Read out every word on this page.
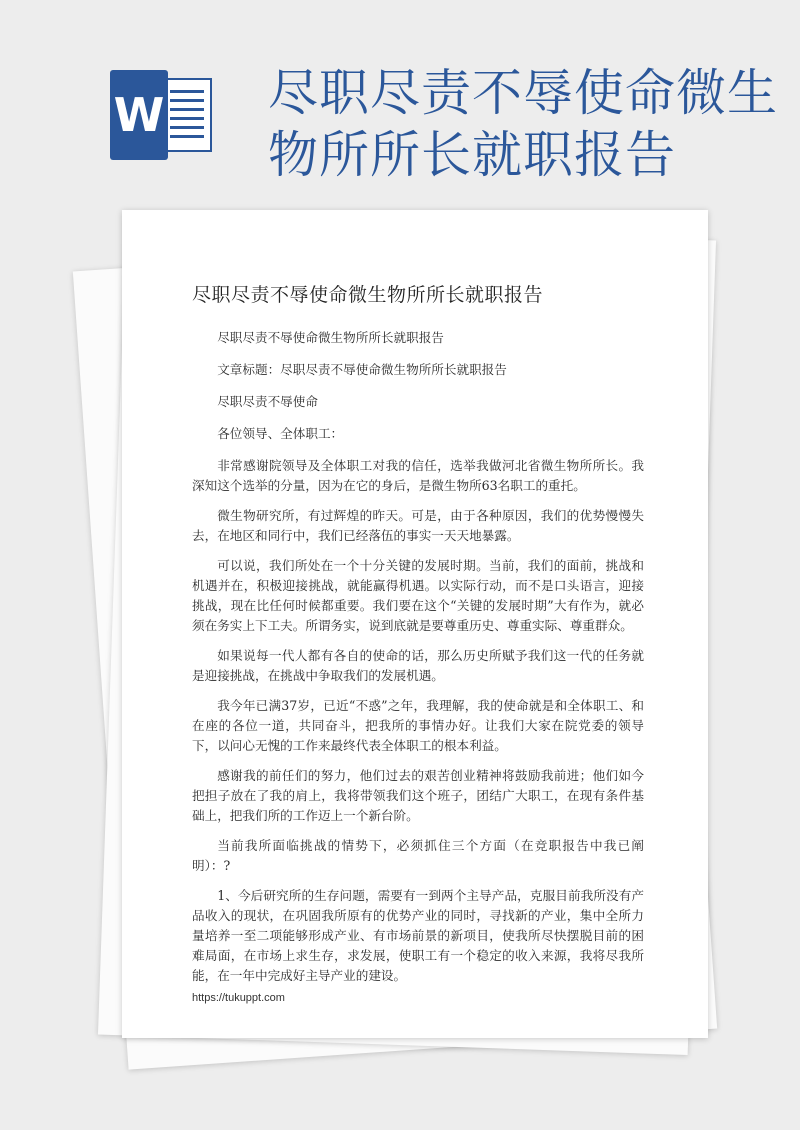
W 尽职尽责不辱使命微生物所所长就职报告
尽职尽责不辱使命微生物所所长就职报告

尽职尽责不辱使命微生物所所长就职报告

文章标题：尽职尽责不辱使命微生物所所长就职报告

尽职尽责不辱使命

各位领导、全体职工：

非常感谢院领导及全体职工对我的信任，选举我做河北省微生物所所长。我深知这个选举的分量，因为在它的身后，是微生物所63名职工的重托。

微生物研究所，有过辉煌的昨天。可是，由于各种原因，我们的优势慢慢失去，在地区和同行中，我们已经落伍的事实一天天地暴露。

可以说，我们所处在一个十分关键的发展时期。当前，我们的面前，挑战和机遇并在，积极迎接挑战，就能赢得机遇。以实际行动，而不是口头语言，迎接挑战，现在比任何时候都重要。我们要在这个“关键的发展时期”大有作为，就必须在务实上下工夫。所谓务实，说到底就是要尊重历史、尊重实际、尊重群众。

如果说每一代人都有各自的使命的话，那么历史所赋予我们这一代的任务就是迎接挑战，在挑战中争取我们的发展机遇。

我今年已满37岁，已近“不惑”之年，我理解，我的使命就是和全体职工、和在座的各位一道，共同奋斗，把我所的事情办好。让我们大家在院党委的领导下，以问心无愧的工作来最终代表全体职工的根本利益。

感谢我的前任们的努力，他们过去的艰苦创业精神将鼓励我前进；他们如今把担子放在了我的肩上，我将带领我们这个班子，团结广大职工，在现有条件基础上，把我们所的工作迈上一个新台阶。

当前我所面临挑战的情势下，必须抓住三个方面（在竞职报告中我已阐明）：?

1、今后研究所的生存问题，需要有一到两个主导产品，克服目前我所没有产品收入的现状，在巩固我所原有的优势产业的同时，寻找新的产业，集中全所力量培养一至二项能够形成产业、有市场前景的新项目，使我所尽快摆脱目前的困难局面，在市场上求生存，求发展，使职工有一个稳定的收入来源，我将尽我所能，在一年中完成好主导产业的建设。

https://tukuppt.com
